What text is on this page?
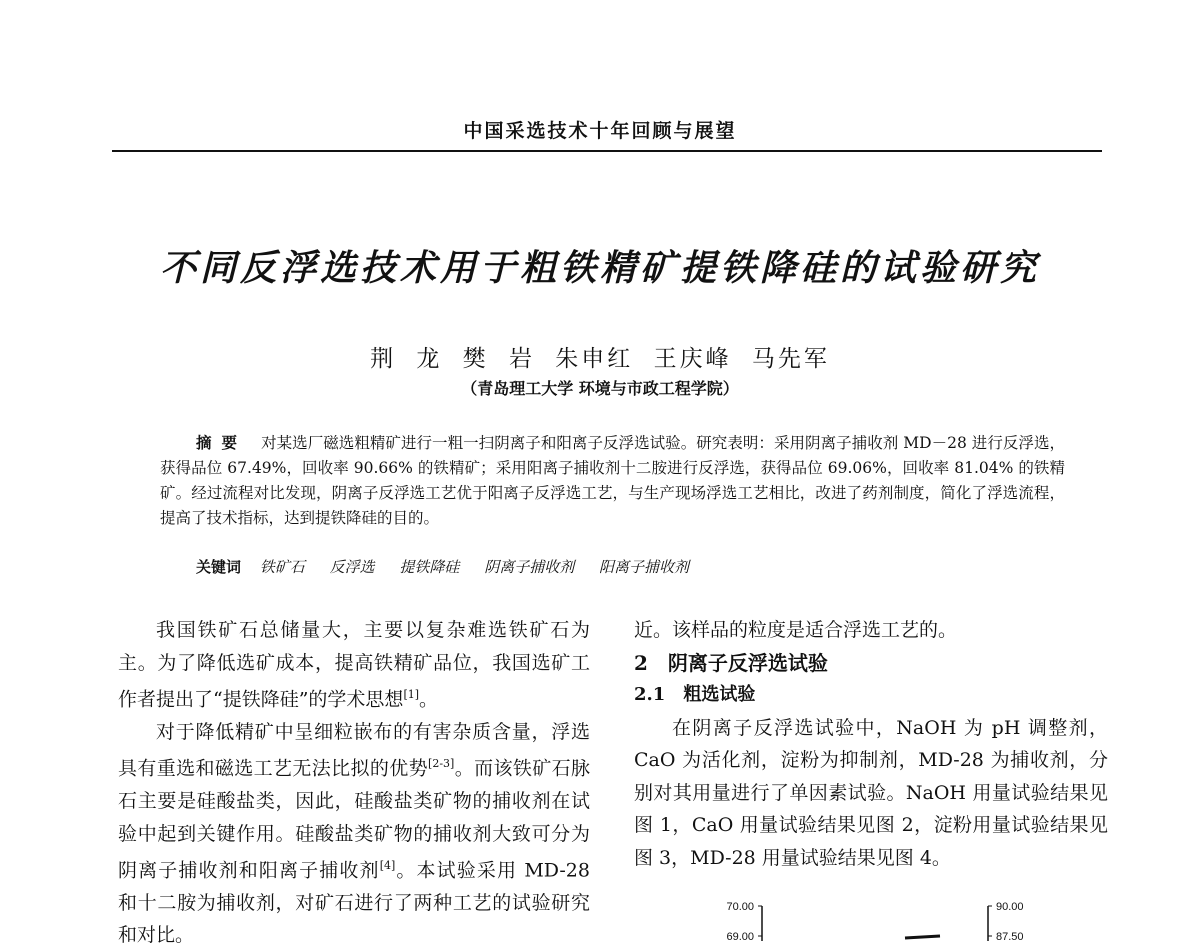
中国采选技术十年回顾与展望
不同反浮选技术用于粗铁精矿提铁降硅的试验研究
荆 龙 樊 岩 朱申红 王庆峰 马先军
（青岛理工大学 环境与市政工程学院）
摘要 对某选厂磁选粗精矿进行一粗一扫阴离子和阳离子反浮选试验。研究表明：采用阴离子捕收剂 MD－28 进行反浮选，获得品位 67.49%，回收率 90.66% 的铁精矿；采用阳离子捕收剂十二胺进行反浮选，获得品位 69.06%，回收率 81.04% 的铁精矿。经过流程对比发现，阴离子反浮选工艺优于阳离子反浮选工艺，与生产现场浮选工艺相比，改进了药剂制度，简化了浮选流程，提高了技术指标，达到提铁降硅的目的。
关键词 铁矿石 反浮选 提铁降硅 阴离子捕收剂 阳离子捕收剂

我国铁矿石总储量大，主要以复杂难选铁矿石为主。为了降低选矿成本，提高铁精矿品位，我国选矿工作者提出了“提铁降硅”的学术思想[1]。

对于降低精矿中呈细粒嵌布的有害杂质含量，浮选具有重选和磁选工艺无法比拟的优势[2-3]。而该铁矿石脉石主要是硅酸盐类，因此，硅酸盐类矿物的捕收剂在试验中起到关键作用。硅酸盐类矿物的捕收剂大致可分为阴离子捕收剂和阳离子捕收剂[4]。本试验采用 MD-28 和十二胺为捕收剂，对矿石进行了两种工艺的试验研究和对比。

近。该样品的粒度是适合浮选工艺的。

2　阴离子反浮选试验
2.1　粗选试验

在阴离子反浮选试验中，NaOH 为 pH 调整剂，CaO 为活化剂，淀粉为抑制剂，MD-28 为捕收剂，分别对其用量进行了单因素试验。NaOH 用量试验结果见图 1，CaO 用量试验结果见图 2，淀粉用量试验结果见图 3，MD-28 用量试验结果见图 4。

70.00
69.00
90.00
87.50
